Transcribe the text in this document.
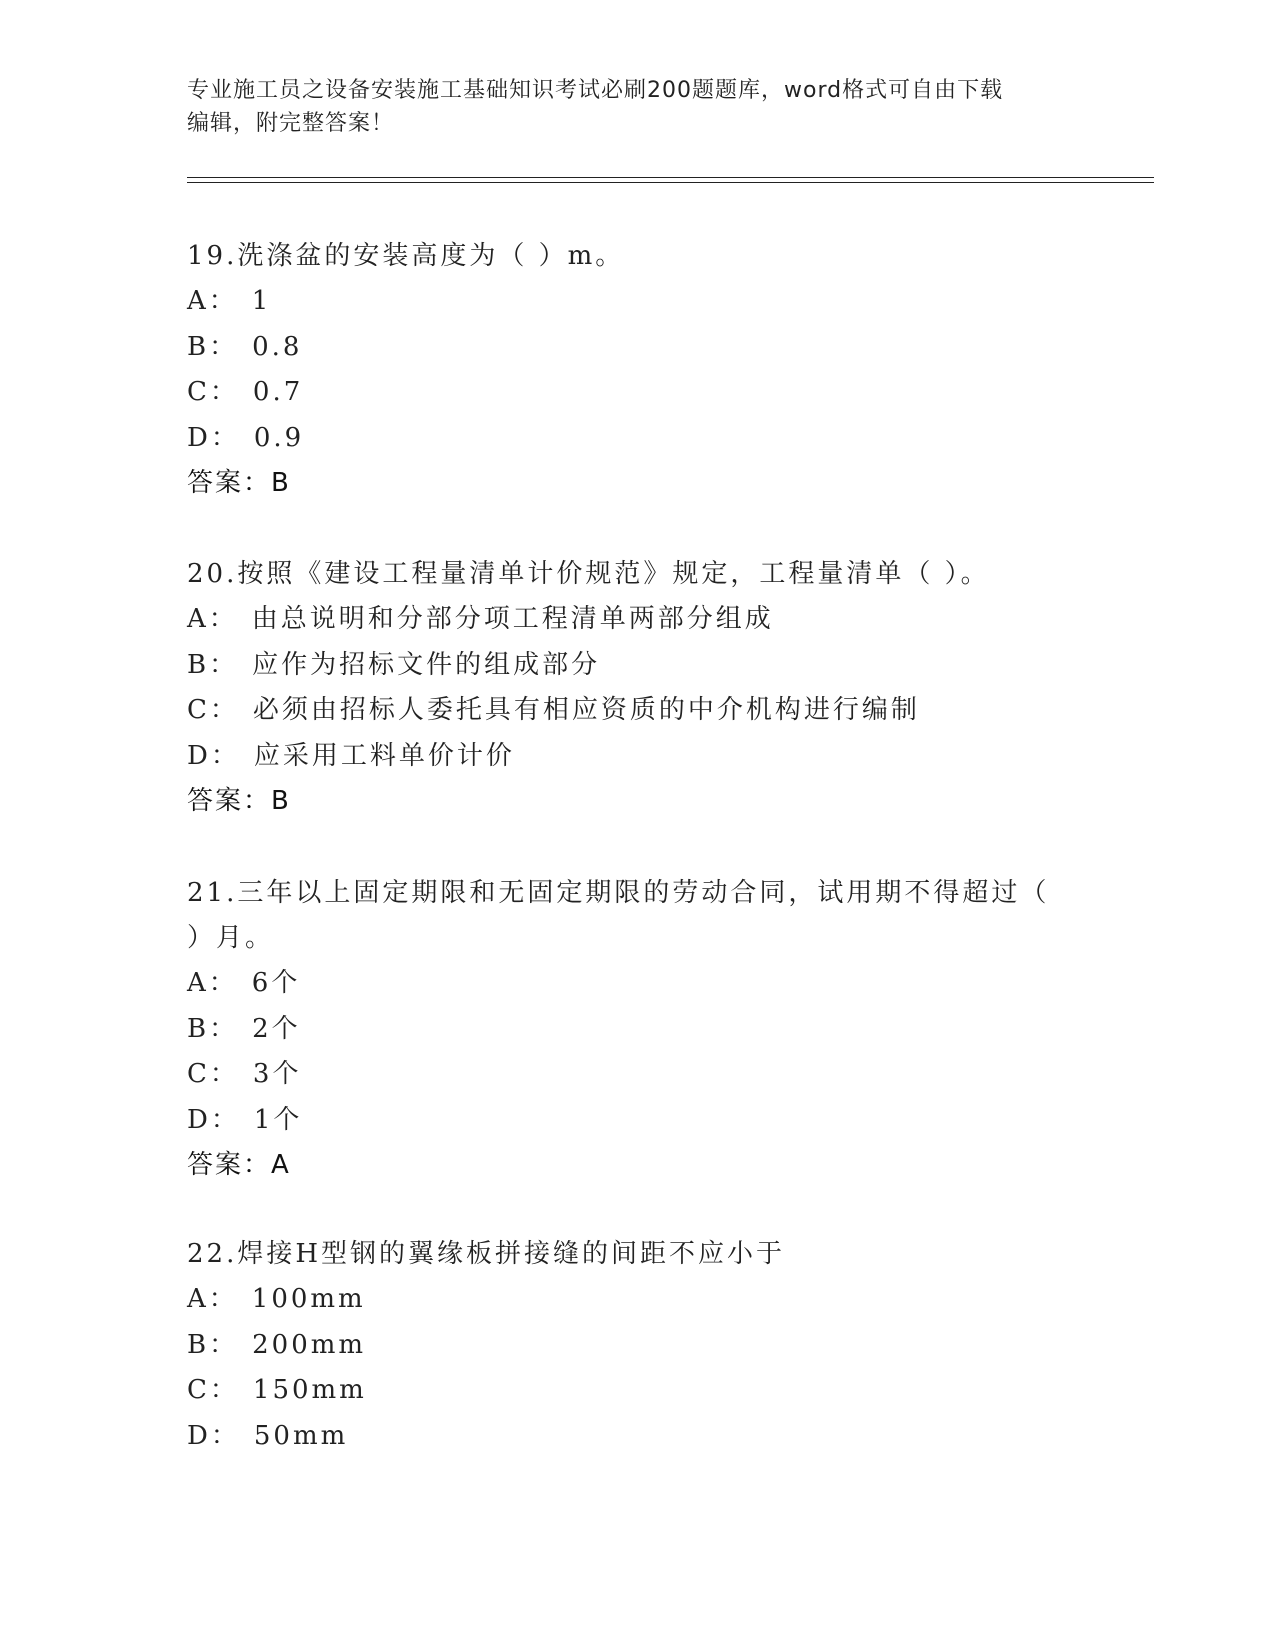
专业施工员之设备安装施工基础知识考试必刷200题题库，word格式可自由下载
编辑，附完整答案！
19.洗涤盆的安装高度为（ ）m。
A： 1
B： 0.8
C： 0.7
D： 0.9
答案：B
20.按照《建设工程量清单计价规范》规定，工程量清单（ ）。
A： 由总说明和分部分项工程清单两部分组成
B： 应作为招标文件的组成部分
C： 必须由招标人委托具有相应资质的中介机构进行编制
D： 应采用工料单价计价
答案：B
21.三年以上固定期限和无固定期限的劳动合同，试用期不得超过（
）月。
A： 6个
B： 2个
C： 3个
D： 1个
答案：A
22.焊接H型钢的翼缘板拼接缝的间距不应小于
A： 100mm
B： 200mm
C： 150mm
D： 50mm
